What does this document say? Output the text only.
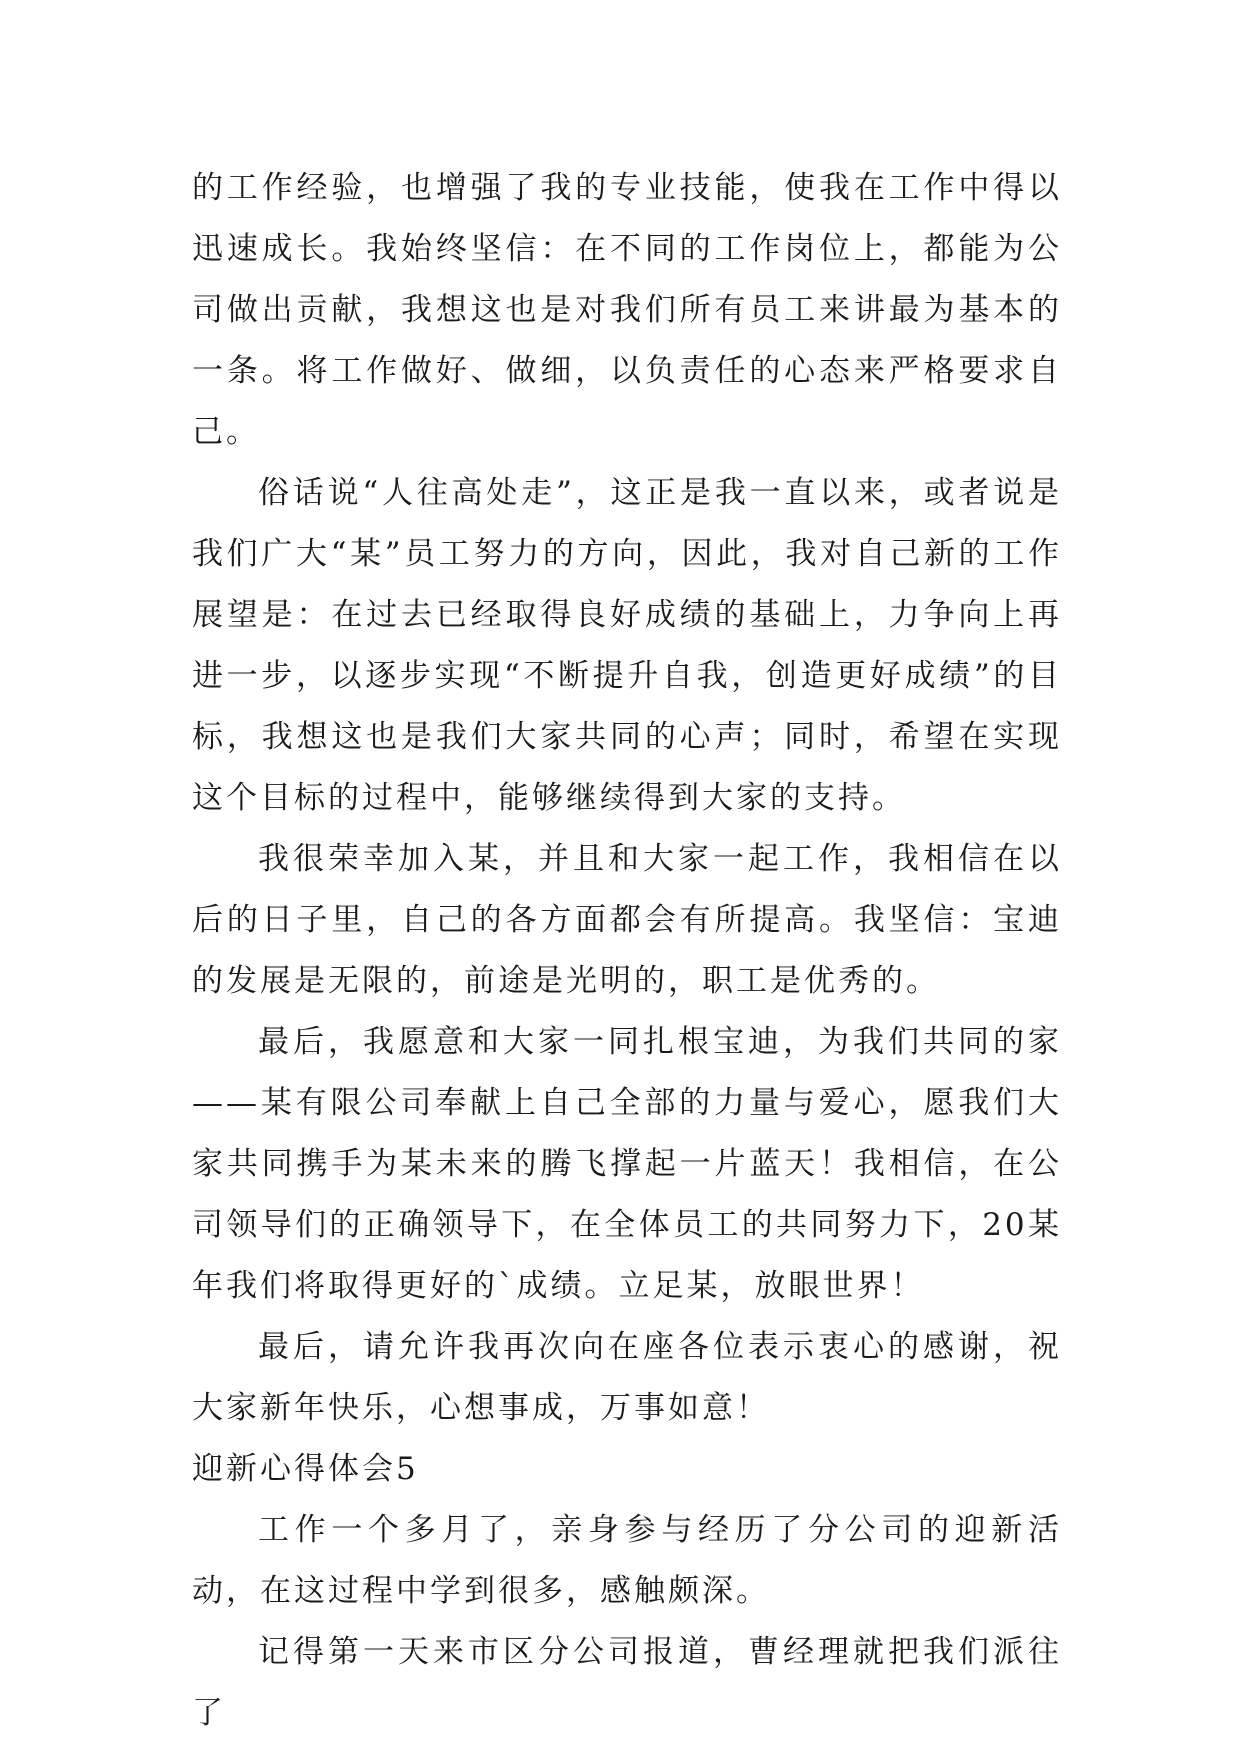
的工作经验，也增强了我的专业技能，使我在工作中得以迅速成长。我始终坚信：在不同的工作岗位上，都能为公司做出贡献，我想这也是对我们所有员工来讲最为基本的一条。将工作做好、做细，以负责任的心态来严格要求自己。

俗话说“人往高处走”，这正是我一直以来，或者说是我们广大“某”员工努力的方向，因此，我对自己新的工作展望是：在过去已经取得良好成绩的基础上，力争向上再进一步，以逐步实现“不断提升自我，创造更好成绩”的目标，我想这也是我们大家共同的心声；同时，希望在实现这个目标的过程中，能够继续得到大家的支持。

我很荣幸加入某，并且和大家一起工作，我相信在以后的日子里，自己的各方面都会有所提高。我坚信：宝迪的发展是无限的，前途是光明的，职工是优秀的。

最后，我愿意和大家一同扎根宝迪，为我们共同的家——某有限公司奉献上自己全部的力量与爱心，愿我们大家共同携手为某未来的腾飞撑起一片蓝天！我相信，在公司领导们的正确领导下，在全体员工的共同努力下，20某年我们将取得更好的`成绩。立足某，放眼世界！

最后，请允许我再次向在座各位表示衷心的感谢，祝大家新年快乐，心想事成，万事如意！

迎新心得体会5

工作一个多月了，亲身参与经历了分公司的迎新活动，在这过程中学到很多，感触颇深。

记得第一天来市区分公司报道，曹经理就把我们派往了
